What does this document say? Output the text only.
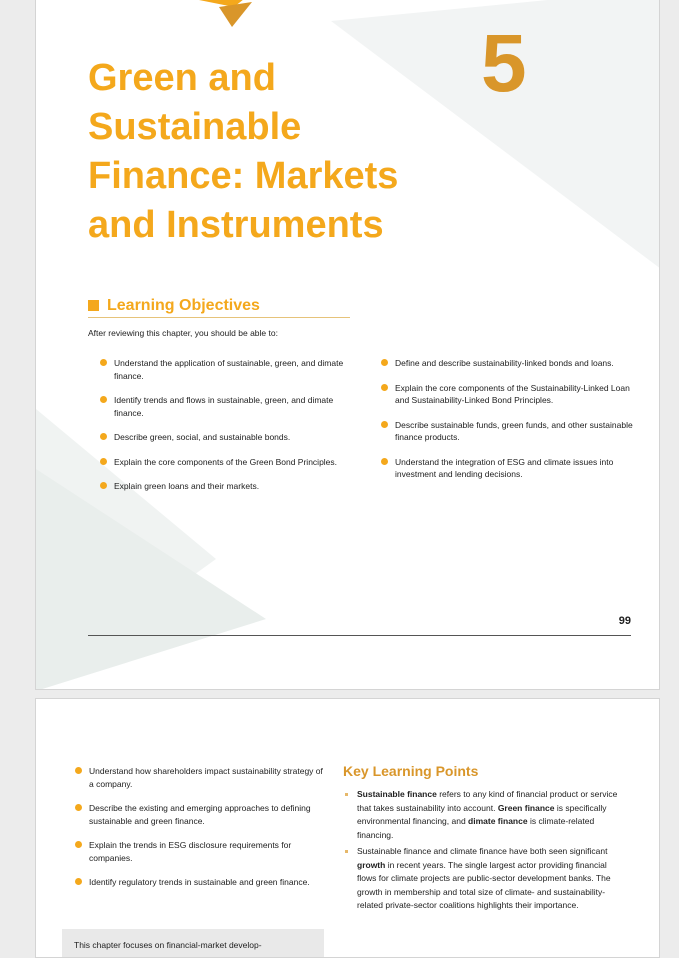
Green and Sustainable Finance: Markets and Instruments
5
Learning Objectives
After reviewing this chapter, you should be able to:
Understand the application of sustainable, green, and dimate finance.
Identify trends and flows in sustainable, green, and dimate finance.
Describe green, social, and sustainable bonds.
Explain the core components of the Green Bond Principles.
Explain green loans and their markets.
Define and describe sustainability-linked bonds and loans.
Explain the core components of the Sustainability-Linked Loan and Sustainability-Linked Bond Principles.
Describe sustainable funds, green funds, and other sustainable finance products.
Understand the integration of ESG and climate issues into investment and lending decisions.
99
Understand how shareholders impact sustainability strategy of a company.
Describe the existing and emerging approaches to defining sustainable and green finance.
Explain the trends in ESG disclosure requirements for companies.
Identify regulatory trends in sustainable and green finance.
This chapter focuses on financial-market develop-
Key Learning Points
Sustainable finance refers to any kind of financial product or service that takes sustainability into account. Green finance is specifically environmental financing, and dimate finance is climate-related financing.
Sustainable finance and climate finance have both seen significant growth in recent years. The single largest actor providing financial flows for climate projects are public-sector development banks. The growth in membership and total size of climate- and sustainability-related private-sector coalitions highlights their importance.
